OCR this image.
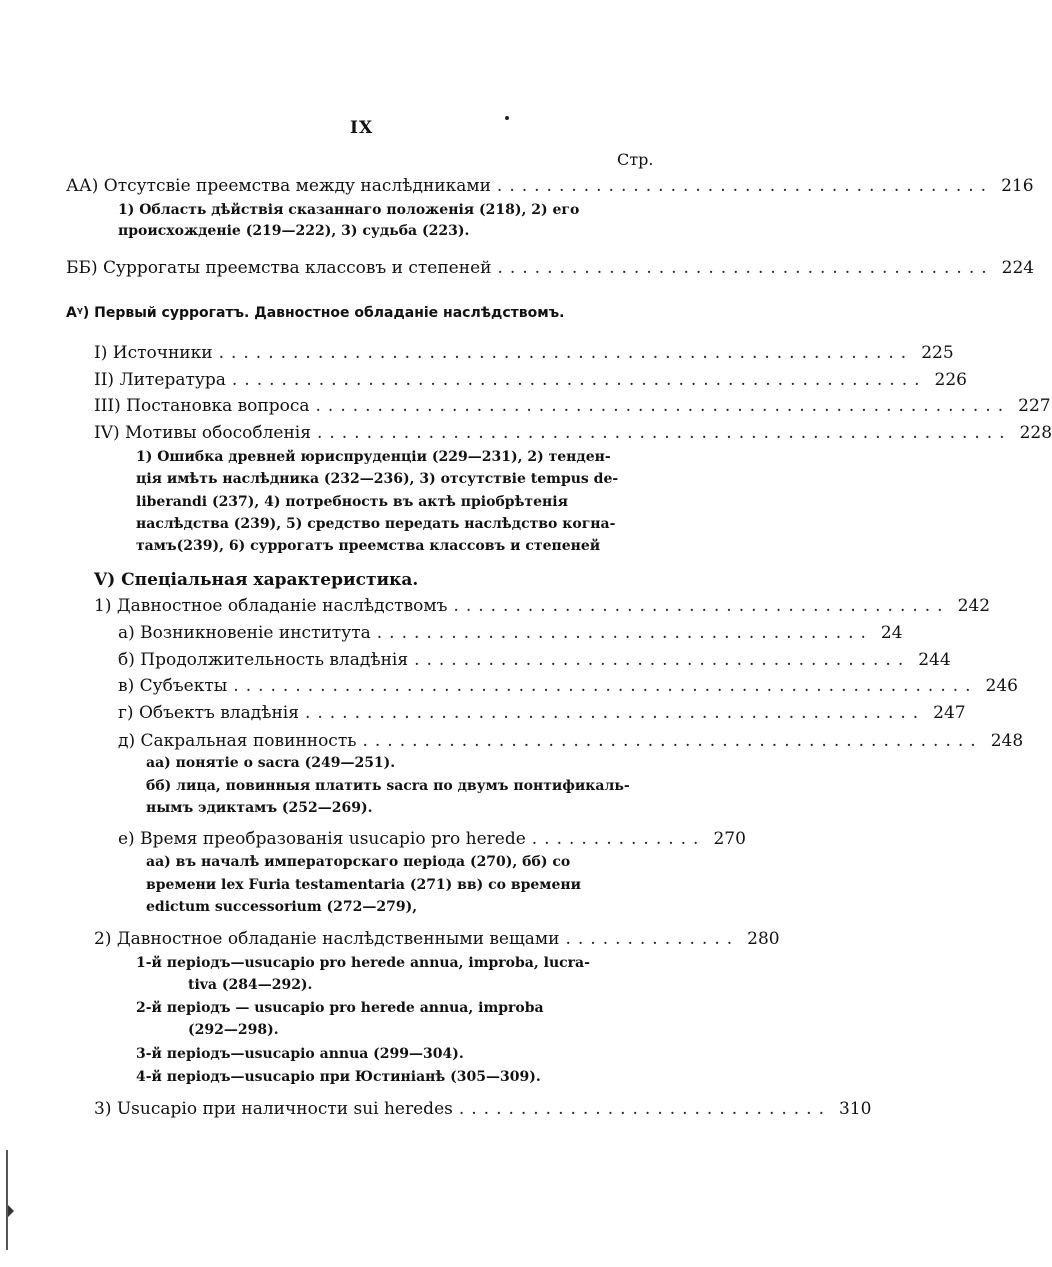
IX
Стр.
АА) Отсутсвіе преемства между наслѣдниками ........................................ 216
1) Область дѣйствія сказаннаго положенія (218), 2) его
происхожденіе (219—222), 3) судьба (223).
ББ) Суррогаты преемства классовъ и степеней ........................................ 224
Аᵞ) Первый суррогатъ. Давностное обладаніе наслѣдствомъ.
I) Источники ........................................................ 225
II) Литература ........................................................ 226
III) Постановка вопроса ........................................................ 227
IV) Мотивы обособленія ........................................................ 228
1) Ошибка древней юриспруденціи (229—231), 2) тенден-
ція имѣть наслѣдника (232—236), 3) отсутствіе tempus de-
liberandi (237), 4) потребность въ актѣ пріобрѣтенія
наслѣдства (239), 5) средство передать наслѣдство когна-
тамъ(239), 6) суррогатъ преемства классовъ и степеней
V) Спеціальная характеристика.
1) Давностное обладаніе наслѣдствомъ ........................................ 242
а) Возникновеніе института ........................................ 24
б) Продолжительность владѣнія ........................................ 244
в) Субъекты ............................................................ 246
г) Объектъ владѣнія .................................................. 247
д) Сакральная повинность .................................................. 248
аа) понятіе о sacra (249—251).
бб) лица, повинныя платить sacra по двумъ понтификаль-
нымъ эдиктамъ (252—269).
е) Время преобразованія usucapio pro herede .............. 270
аа) въ началѣ императорскаго періода (270), бб) со
времени lex Furia testamentaria (271) вв) со времени
edictum successorium (272—279),
2) Давностное обладаніе наслѣдственными вещами .............. 280
1-й періодъ—usucapio pro herede annua, improba, lucra-
tiva (284—292).
2-й періодъ — usucapio pro herede annua, improba
(292—298).
3-й періодъ—usucapio annua (299—304).
4-й періодъ—usucapio при Юстиніанѣ (305—309).
3) Usucapio при наличности sui heredes .............................. 310
